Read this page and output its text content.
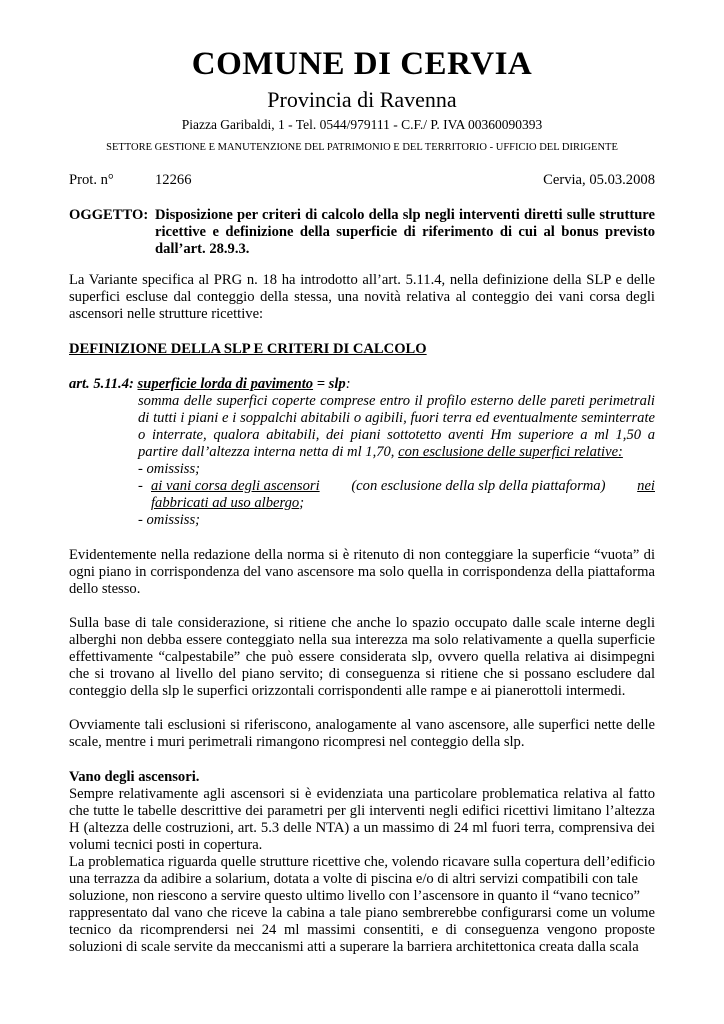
COMUNE DI CERVIA
Provincia di Ravenna
Piazza Garibaldi, 1 - Tel. 0544/979111 - C.F./ P. IVA 00360090393
SETTORE GESTIONE E MANUTENZIONE DEL PATRIMONIO E DEL TERRITORIO - UFFICIO DEL DIRIGENTE
Prot. n°	12266	Cervia, 05.03.2008
OGGETTO: Disposizione per criteri di calcolo della slp negli interventi diretti sulle strutture
ricettive e definizione della superficie di riferimento di cui al bonus previsto
dall’art. 28.9.3.
La Variante specifica al PRG n. 18 ha introdotto all’art. 5.11.4, nella definizione della SLP e delle
superfici escluse dal conteggio della stessa, una novità relativa al conteggio dei vani corsa degli
ascensori nelle strutture ricettive:
DEFINIZIONE DELLA SLP E CRITERI DI CALCOLO
art. 5.11.4: superficie lorda di pavimento = slp:
somma delle superfici coperte comprese entro il profilo esterno delle pareti perimetrali
di tutti i piani e i soppalchi abitabili o agibili, fuori terra ed eventualmente seminterrate
o interrate, qualora abitabili, dei piani sottotetto aventi Hm superiore a ml 1,50 a
partire dall’altezza interna netta di ml 1,70, con esclusione delle superfici relative:
- omississ;
- ai vani corsa degli ascensori (con esclusione della slp della piattaforma) nei
fabbricati ad uso albergo;
- omississ;
Evidentemente nella redazione della norma si è ritenuto di non conteggiare la superficie “vuota” di
ogni piano in corrispondenza del vano ascensore ma solo quella in corrispondenza della piattaforma
dello stesso.
Sulla base di tale considerazione, si ritiene che anche lo spazio occupato dalle scale interne degli
alberghi non debba essere conteggiato nella sua interezza ma solo relativamente a quella superficie
effettivamente “calpestabile” che può essere considerata slp, ovvero quella relativa ai disimpegni
che si trovano al livello del piano servito; di conseguenza si ritiene che si possano escludere dal
conteggio della slp le superfici orizzontali corrispondenti alle rampe e ai pianerottoli intermedi.
Ovviamente tali esclusioni si riferiscono, analogamente al vano ascensore, alle superfici nette delle
scale, mentre i muri perimetrali rimangono ricompresi nel conteggio della slp.
Vano degli ascensori.
Sempre relativamente agli ascensori si è evidenziata una particolare problematica relativa al fatto
che tutte le tabelle descrittive dei parametri per gli interventi negli edifici ricettivi limitano l’altezza
H (altezza delle costruzioni, art. 5.3 delle NTA) a un massimo di 24 ml fuori terra, comprensiva dei
volumi tecnici posti in copertura.
La problematica riguarda quelle strutture ricettive che, volendo ricavare sulla copertura dell’edificio
una terrazza da adibire a solarium, dotata a volte di piscina e/o di altri servizi compatibili con tale
soluzione, non riescono a servire questo ultimo livello con l’ascensore in quanto il “vano tecnico”
rappresentato dal vano che riceve la cabina a tale piano sembrerebbe configurarsi come un volume
tecnico da ricomprendersi nei 24 ml massimi consentiti, e di conseguenza vengono proposte
soluzioni di scale servite da meccanismi atti a superare la barriera architettonica creata dalla scala
